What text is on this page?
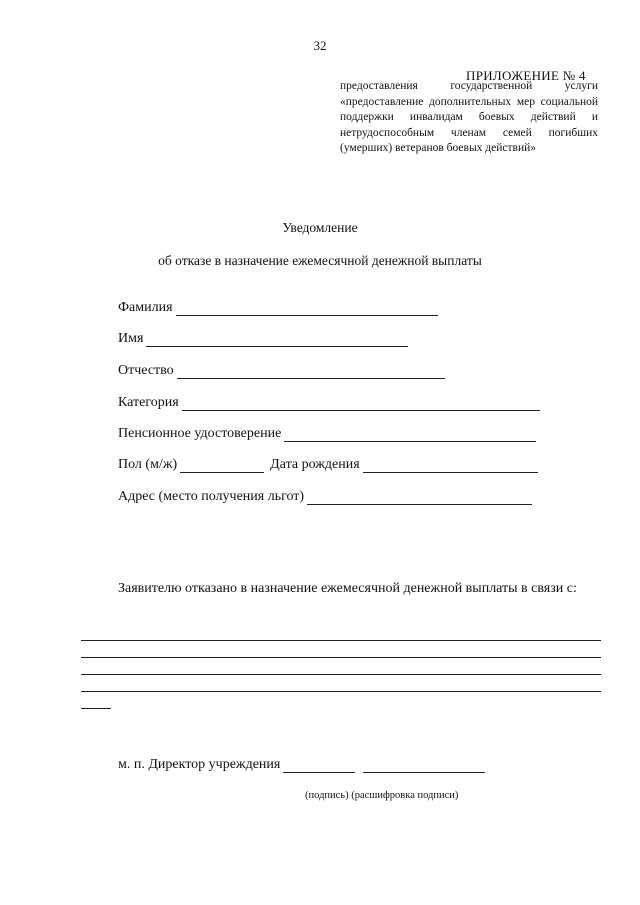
32
ПРИЛОЖЕНИЕ № 4
предоставления государственной услуги «предоставление дополнительных мер социальной поддержки инвалидам боевых действий и нетрудоспособным членам семей погибших (умерших) ветеранов боевых действий»
Уведомление
об отказе в назначение ежемесячной денежной выплаты
Фамилия
Имя
Отчество
Категория
Пенсионное удостоверение
Пол (м/ж)	Дата рождения
Адрес (место получения льгот)
Заявителю отказано в назначение ежемесячной денежной выплаты в связи с:
м. п. Директор учреждения
(подпись) (расшифровка подписи)
